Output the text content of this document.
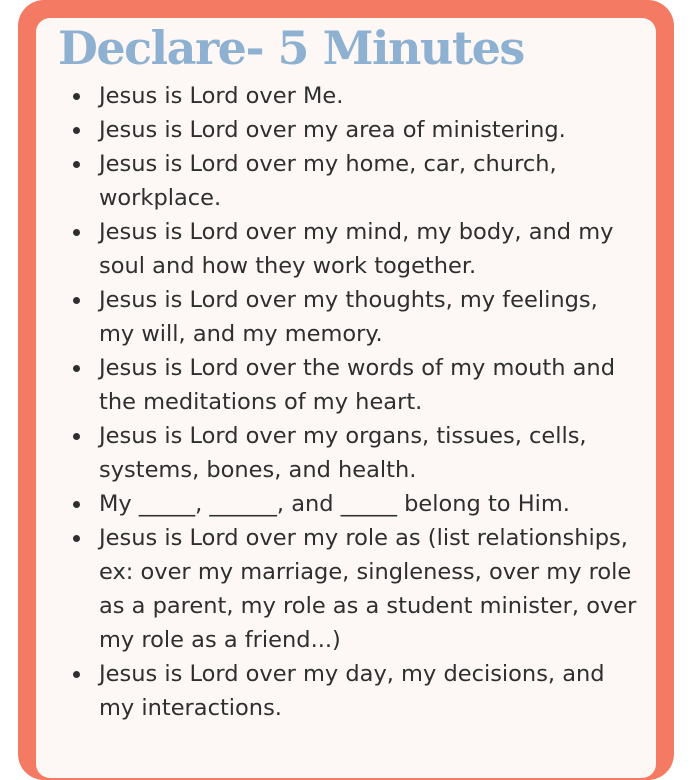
Declare- 5 Minutes
Jesus is Lord over Me.
Jesus is Lord over my area of ministering.
Jesus is Lord over my home, car, church, workplace.
Jesus is Lord over my mind, my body, and my soul and how they work together.
Jesus is Lord over my thoughts, my feelings, my will, and my memory.
Jesus is Lord over the words of my mouth and the meditations of my heart.
Jesus is Lord over my organs, tissues, cells, systems, bones, and health.
My _____, ______, and _____ belong to Him.
Jesus is Lord over my role as (list relationships, ex: over my marriage, singleness, over my role as a parent, my role as a student minister, over my role as a friend...)
Jesus is Lord over my day, my decisions, and my interactions.
